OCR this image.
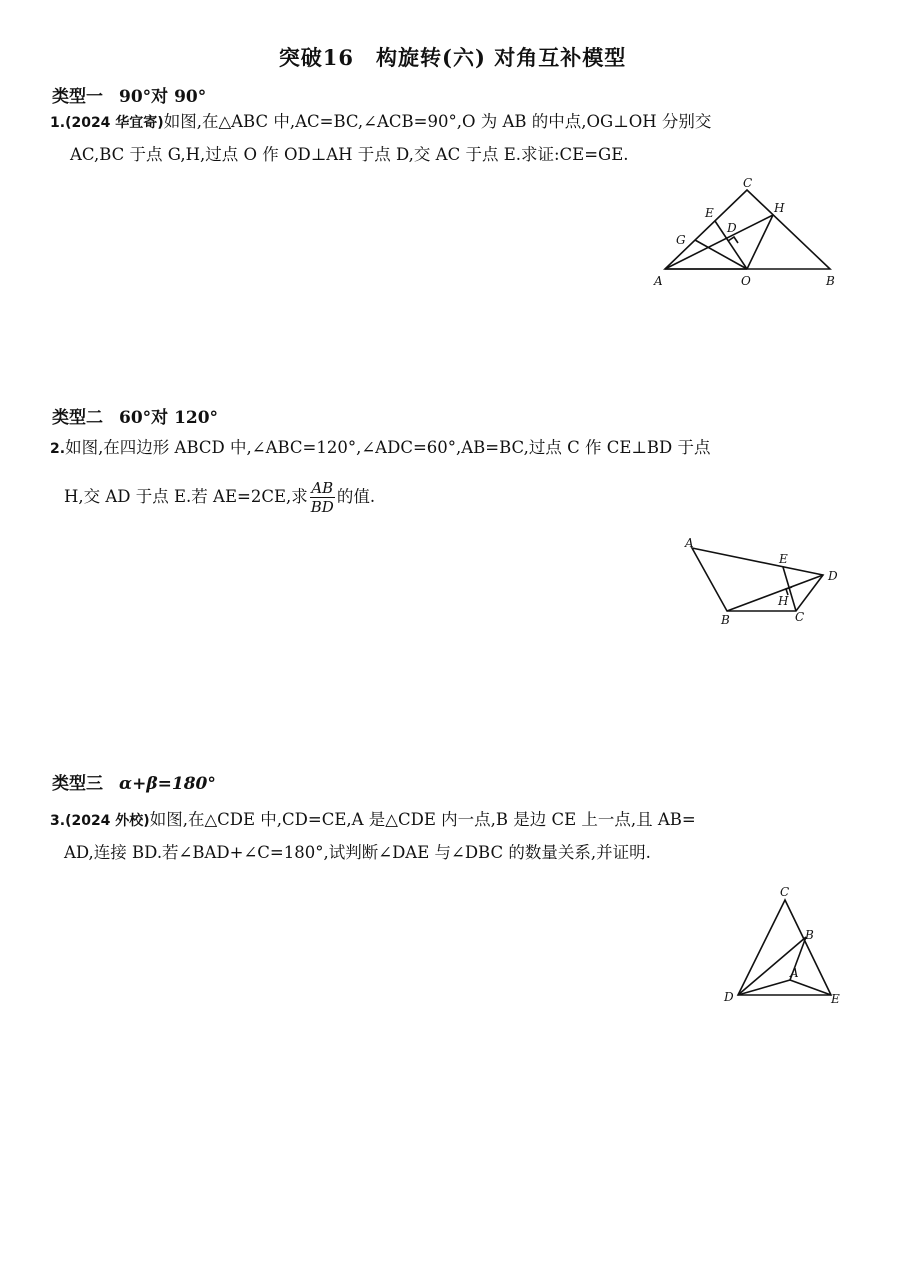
突破16　构旋转(六) 对角互补模型
类型一 90°对 90°
1.(2024 华宜寄)如图,在△ABC 中,AC=BC,∠ACB=90°,O 为 AB 的中点,OG⊥OH 分别交
AC,BC 于点 G,H,过点 O 作 OD⊥AH 于点 D,交 AC 于点 E.求证:CE=GE.
C
E	H
D
G
A	O	B
类型二 60°对 120°
2.如图,在四边形 ABCD 中,∠ABC=120°,∠ADC=60°,AB=BC,过点 C 作 CE⊥BD 于点
H,交 AD 于点 E.若 AE=2CE,求 $\frac{AB}{BD}$ 的值.
A
E
D
H
B	C
类型三 α+β=180°
3.(2024 外校)如图,在△CDE 中,CD=CE,A 是△CDE 内一点,B 是边 CE 上一点,且 AB=
AD,连接 BD.若∠BAD+∠C=180°,试判断∠DAE 与∠DBC 的数量关系,并证明.
C
B
A
D	E
